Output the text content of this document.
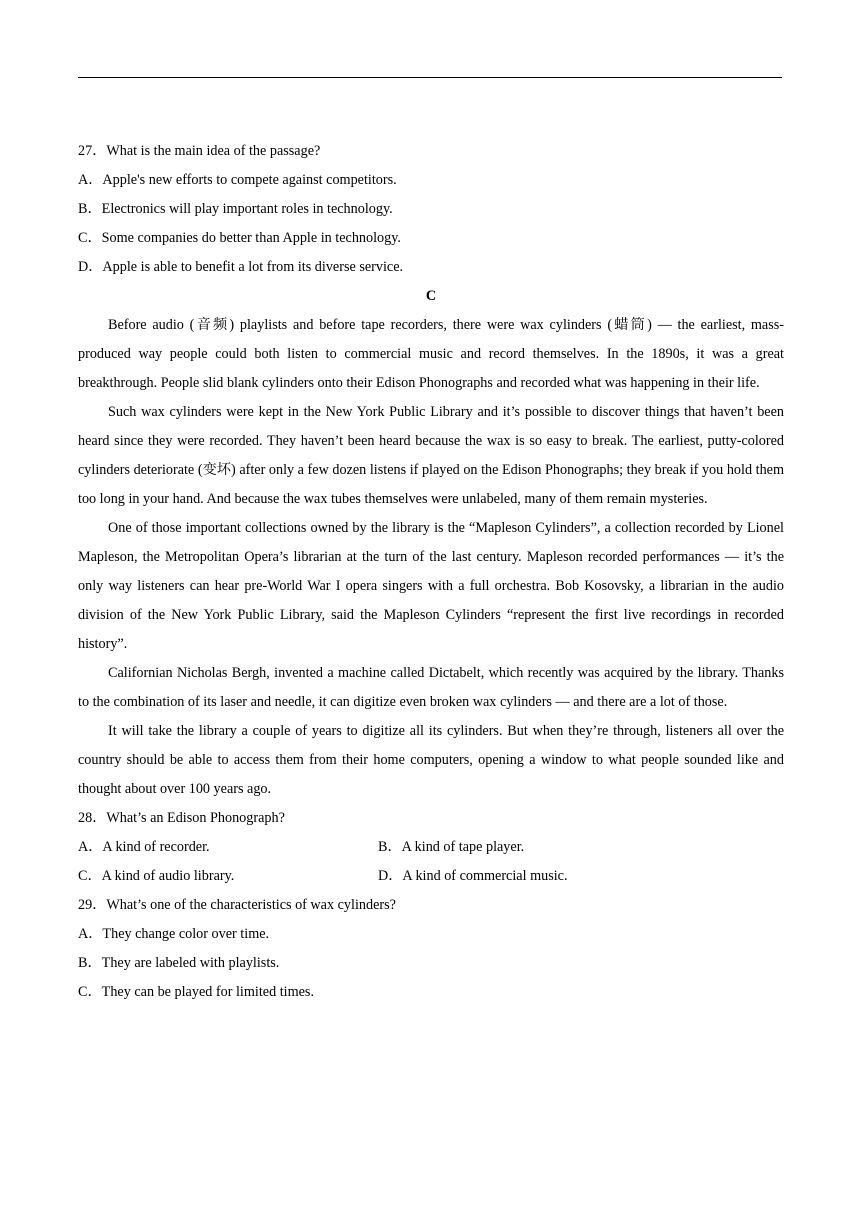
27．What is the main idea of the passage?

A．Apple's new efforts to compete against competitors.

B．Electronics will play important roles in technology.

C．Some companies do better than Apple in technology.

D．Apple is able to benefit a lot from its diverse service.

C

Before audio (音频) playlists and before tape recorders, there were wax cylinders (蜡筒) — the earliest, mass-produced way people could both listen to commercial music and record themselves. In the 1890s, it was a great breakthrough. People slid blank cylinders onto their Edison Phonographs and recorded what was happening in their life.

Such wax cylinders were kept in the New York Public Library and it’s possible to discover things that haven’t been heard since they were recorded. They haven’t been heard because the wax is so easy to break. The earliest, putty-colored cylinders deteriorate (变坏) after only a few dozen listens if played on the Edison Phonographs; they break if you hold them too long in your hand. And because the wax tubes themselves were unlabeled, many of them remain mysteries.

One of those important collections owned by the library is the “Mapleson Cylinders”, a collection recorded by Lionel Mapleson, the Metropolitan Opera’s librarian at the turn of the last century. Mapleson recorded performances — it’s the only way listeners can hear pre-World War I opera singers with a full orchestra. Bob Kosovsky, a librarian in the audio division of the New York Public Library, said the Mapleson Cylinders “represent the first live recordings in recorded history”.

Californian Nicholas Bergh, invented a machine called Dictabelt, which recently was acquired by the library. Thanks to the combination of its laser and needle, it can digitize even broken wax cylinders — and there are a lot of those.

It will take the library a couple of years to digitize all its cylinders. But when they’re through, listeners all over the country should be able to access them from their home computers, opening a window to what people sounded like and thought about over 100 years ago.

28．What’s an Edison Phonograph?

A．A kind of recorder.	B．A kind of tape player.
C．A kind of audio library.	D．A kind of commercial music.

29．What’s one of the characteristics of wax cylinders?

A．They change color over time.

B．They are labeled with playlists.

C．They can be played for limited times.
